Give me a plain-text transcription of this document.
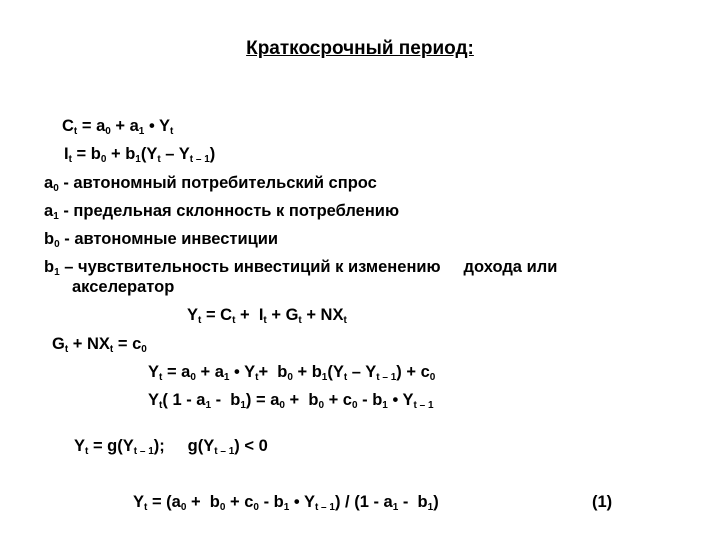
Краткосрочный период:
$C_t = a_0 + a_1$ • $Y_t$
$I_t = b_0 + b_1(Y_t - Y_{t - 1})$
$a_0$ - автономный потребительский спрос
$a_1$ - предельная склонность к потреблению
$b_0$ - автономные инвестиции
$b_1$ – чувствительность инвестиций к изменению     дохода или
акселератор
$Y_t = C_t + I_t + G_t + NX_t$
$G_t + NX_t = c_0$
$Y_t = a_0 + a_1$ • $Y_t+ b_0 + b_1(Y_t - Y_{t - 1}) + c_0$
$Y_t$( $1 - a_1 - b_1) = a_0 + b_0 + c_0 - b_1$ • $Y_{t - 1}$
$Y_t = g(Y_{t - 1})$;     $g(Y_{t - 1}) < 0$
$Y_t = (a_0 + b_0 + c_0 - b_1$ • $Y_{t - 1}) / (1 - a_1 - b_1)$	(1)
